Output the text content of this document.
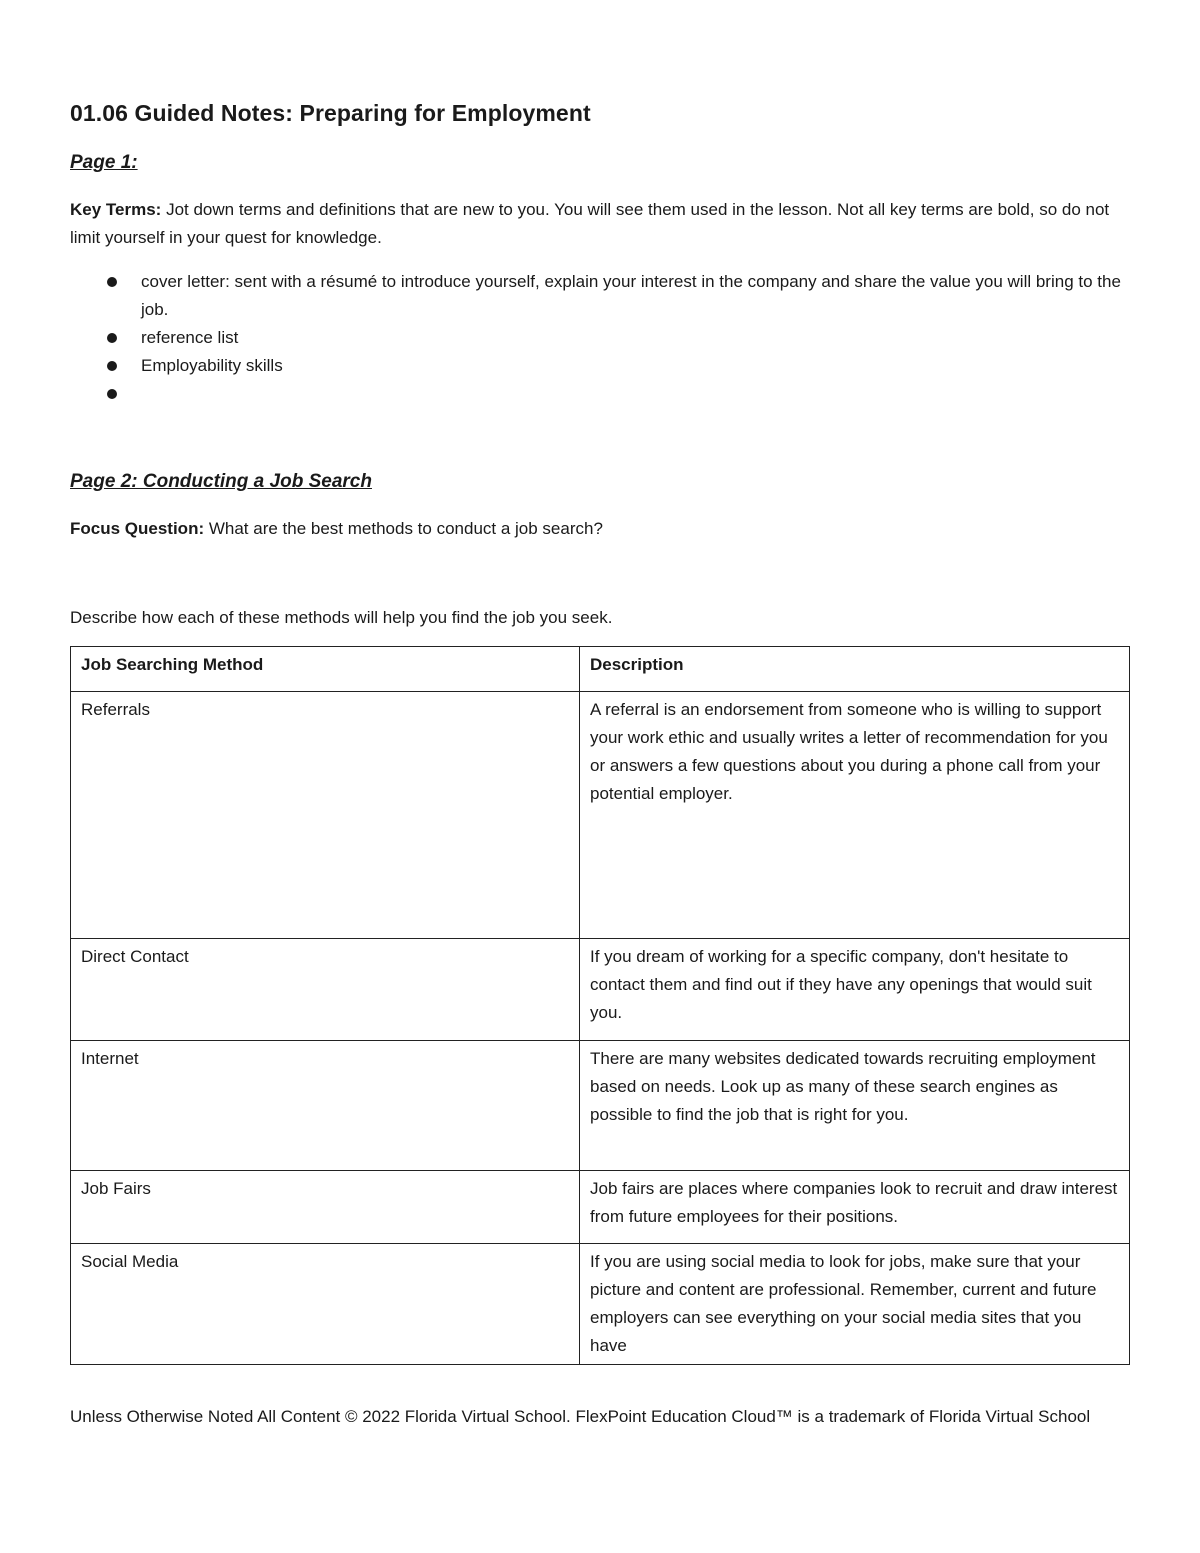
01.06 Guided Notes: Preparing for Employment
Page 1:
Key Terms: Jot down terms and definitions that are new to you. You will see them used in the lesson. Not all key terms are bold, so do not limit yourself in your quest for knowledge.
cover letter: sent with a résumé to introduce yourself, explain your interest in the company and share the value you will bring to the job.
reference list
Employability skills
Page 2: Conducting a Job Search
Focus Question: What are the best methods to conduct a job search?
Describe how each of these methods will help you find the job you seek.
Job Searching Method	Description
Referrals	A referral is an endorsement from someone who is willing to support your work ethic and usually writes a letter of recommendation for you or answers a few questions about you during a phone call from your potential employer.
Direct Contact	If you dream of working for a specific company, don't hesitate to contact them and find out if they have any openings that would suit you.
Internet	There are many websites dedicated towards recruiting employment based on needs. Look up as many of these search engines as possible to find the job that is right for you.
Job Fairs	Job fairs are places where companies look to recruit and draw interest from future employees for their positions.
Social Media	If you are using social media to look for jobs, make sure that your picture and content are professional. Remember, current and future employers can see everything on your social media sites that you have
Unless Otherwise Noted All Content © 2022 Florida Virtual School. FlexPoint Education Cloud™ is a trademark of Florida Virtual School
